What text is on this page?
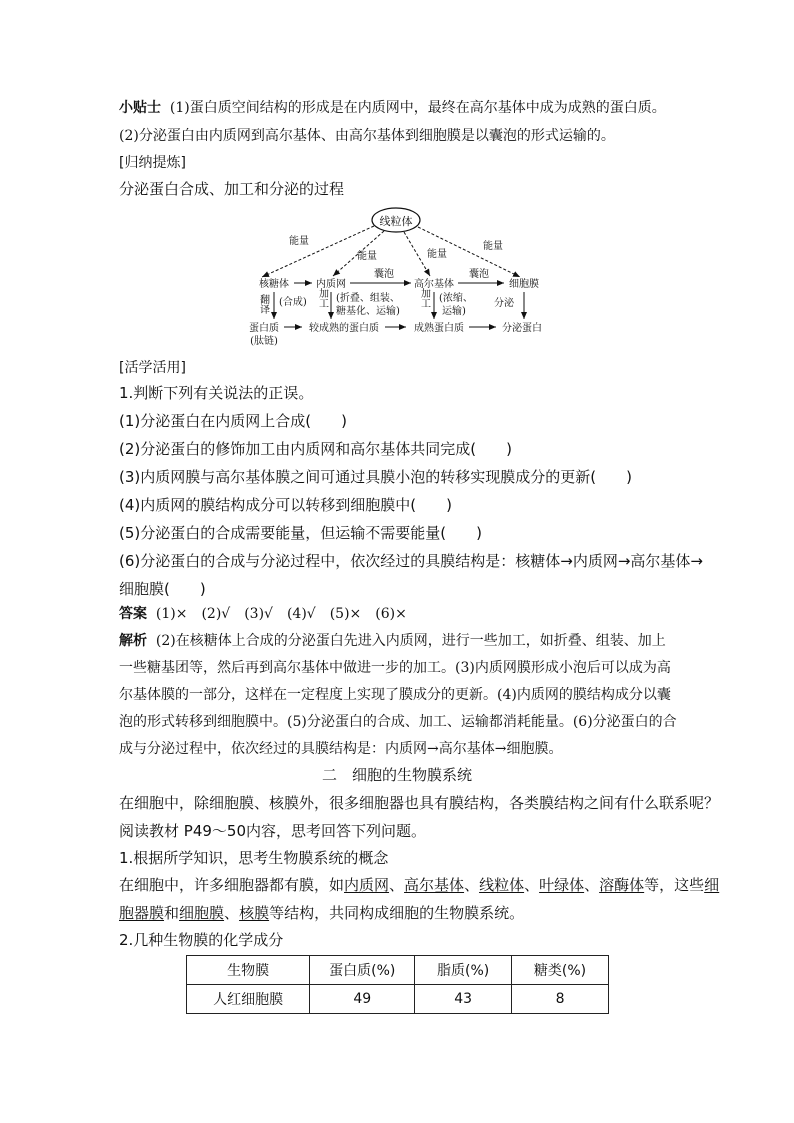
小贴士 (1)蛋白质空间结构的形成是在内质网中，最终在高尔基体中成为成熟的蛋白质。
(2)分泌蛋白由内质网到高尔基体、由高尔基体到细胞膜是以囊泡的形式运输的。
[归纳提炼]
分泌蛋白合成、加工和分泌的过程
线粒体
能量
能量	能量
能量
核糖体	内质网
囊泡
高尔基体
囊泡
细胞膜
翻译 (合成) 加工 (折叠、组装、
糖基化、运输)
加工 (浓缩、
运输)
分泌
蛋白质
(肽链)
较成熟的蛋白质	成熟蛋白质	分泌蛋白
[活学活用]
1.判断下列有关说法的正误。
(1)分泌蛋白在内质网上合成(　　)
(2)分泌蛋白的修饰加工由内质网和高尔基体共同完成(　　)
(3)内质网膜与高尔基体膜之间可通过具膜小泡的转移实现膜成分的更新(　　)
(4)内质网的膜结构成分可以转移到细胞膜中(　　)
(5)分泌蛋白的合成需要能量，但运输不需要能量(　　)
(6)分泌蛋白的合成与分泌过程中，依次经过的具膜结构是：核糖体→内质网→高尔基体→
细胞膜(　　)
答案 (1)×　(2)√　(3)√　(4)√　(5)×　(6)×
解析 (2)在核糖体上合成的分泌蛋白先进入内质网，进行一些加工，如折叠、组装、加上
一些糖基团等，然后再到高尔基体中做进一步的加工。(3)内质网膜形成小泡后可以成为高
尔基体膜的一部分，这样在一定程度上实现了膜成分的更新。(4)内质网的膜结构成分以囊
泡的形式转移到细胞膜中。(5)分泌蛋白的合成、加工、运输都消耗能量。(6)分泌蛋白的合
成与分泌过程中，依次经过的具膜结构是：内质网→高尔基体→细胞膜。
二　细胞的生物膜系统
在细胞中，除细胞膜、核膜外，很多细胞器也具有膜结构，各类膜结构之间有什么联系呢？
阅读教材 P49～50内容，思考回答下列问题。
1.根据所学知识，思考生物膜系统的概念
在细胞中，许多细胞器都有膜，如内质网、高尔基体、线粒体、叶绿体、溶酶体等，这些细
胞器膜和细胞膜、核膜等结构，共同构成细胞的生物膜系统。
2.几种生物膜的化学成分
生物膜	蛋白质(%)	脂质(%)	糖类(%)
人红细胞膜	49	43	8
